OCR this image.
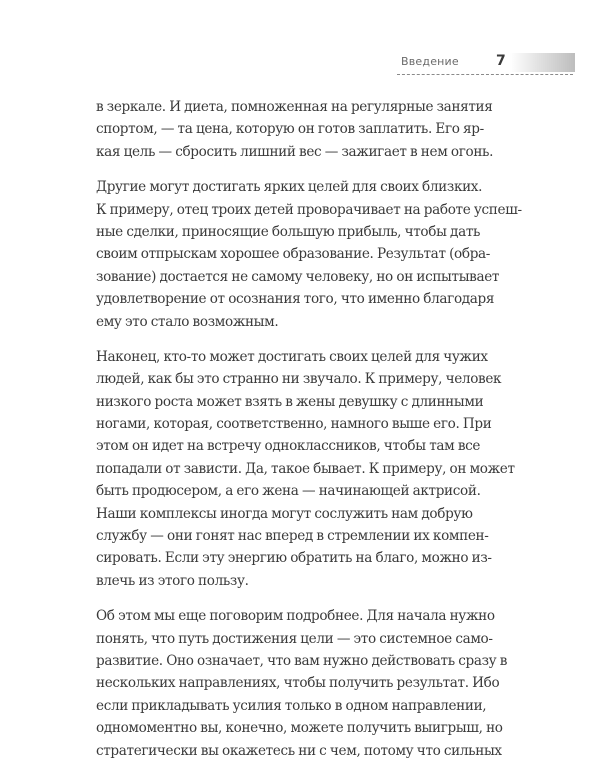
Введение	7

в зеркале. И диета, помноженная на регулярные занятия
спортом, — та цена, которую он готов заплатить. Его яр-
кая цель — сбросить лишний вес — зажигает в нем огонь.

Другие могут достигать ярких целей для своих близких.
К примеру, отец троих детей проворачивает на работе успеш-
ные сделки, приносящие большую прибыль, чтобы дать
своим отпрыскам хорошее образование. Результат (обра-
зование) достается не самому человеку, но он испытывает
удовлетворение от осознания того, что именно благодаря
ему это стало возможным.

Наконец, кто-то может достигать своих целей для чужих
людей, как бы это странно ни звучало. К примеру, человек
низкого роста может взять в жены девушку с длинными
ногами, которая, соответственно, намного выше его. При
этом он идет на встречу одноклассников, чтобы там все
попадали от зависти. Да, такое бывает. К примеру, он может
быть продюсером, а его жена — начинающей актрисой.
Наши комплексы иногда могут сослужить нам добрую
службу — они гонят нас вперед в стремлении их компен-
сировать. Если эту энергию обратить на благо, можно из-
влечь из этого пользу.

Об этом мы еще поговорим подробнее. Для начала нужно
понять, что путь достижения цели — это системное само-
развитие. Оно означает, что вам нужно действовать сразу в
нескольких направлениях, чтобы получить результат. Ибо
если прикладывать усилия только в одном направлении,
одномоментно вы, конечно, можете получить выигрыш, но
стратегически вы окажетесь ни с чем, потому что сильных
